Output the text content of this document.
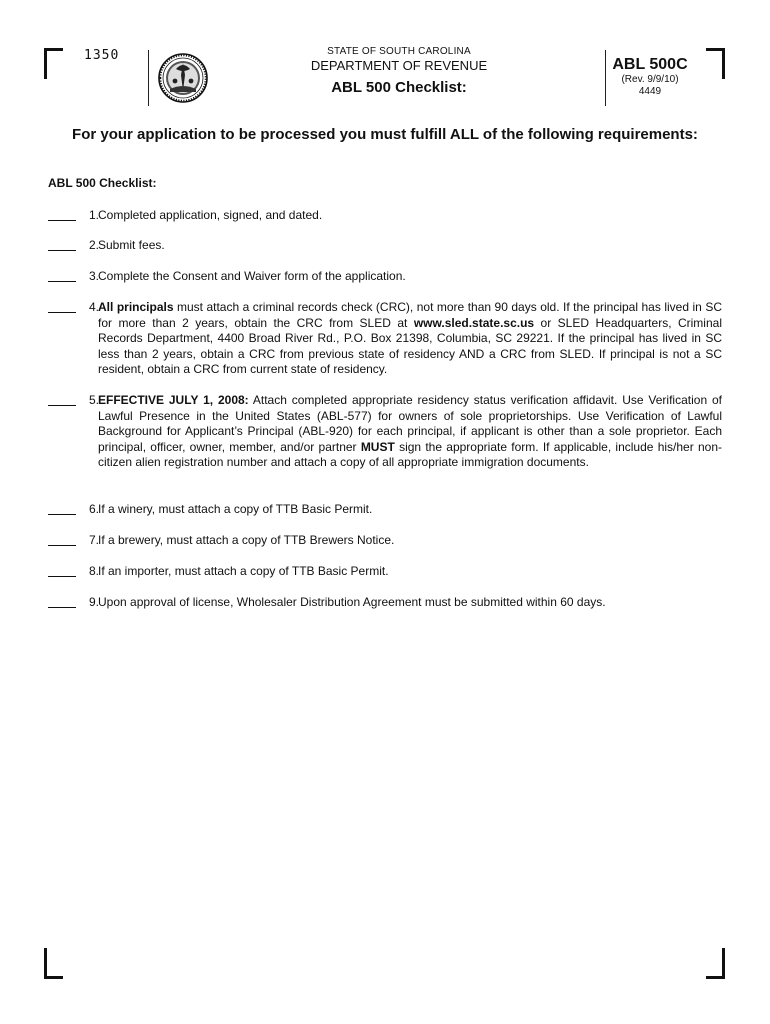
1350	STATE OF SOUTH CAROLINA
DEPARTMENT OF REVENUE
ABL 500 Checklist:
ABL 500C
(Rev. 9/9/10)
4449
For your application to be processed you must fulfill ALL of the following requirements:
ABL 500 Checklist:
1. Completed application, signed, and dated.
2. Submit fees.
3. Complete the Consent and Waiver form of the application.
4. All principals must attach a criminal records check (CRC), not more than 90 days old. If the principal has lived in SC for more than 2 years, obtain the CRC from SLED at www.sled.state.sc.us or SLED Headquarters, Criminal Records Department, 4400 Broad River Rd., P.O. Box 21398, Columbia, SC 29221. If the principal has lived in SC less than 2 years, obtain a CRC from previous state of residency AND a CRC from SLED. If principal is not a SC resident, obtain a CRC from current state of residency.
5. EFFECTIVE JULY 1, 2008: Attach completed appropriate residency status verification affidavit. Use Verification of Lawful Presence in the United States (ABL-577) for owners of sole proprietorships. Use Verification of Lawful Background for Applicant’s Principal (ABL-920) for each principal, if applicant is other than a sole proprietor. Each principal, officer, owner, member, and/or partner MUST sign the appropriate form. If applicable, include his/her non-citizen alien registration number and attach a copy of all appropriate immigration documents.
6. If a winery, must attach a copy of TTB Basic Permit.
7. If a brewery, must attach a copy of TTB Brewers Notice.
8. If an importer, must attach a copy of TTB Basic Permit.
9. Upon approval of license, Wholesaler Distribution Agreement must be submitted within 60 days.
